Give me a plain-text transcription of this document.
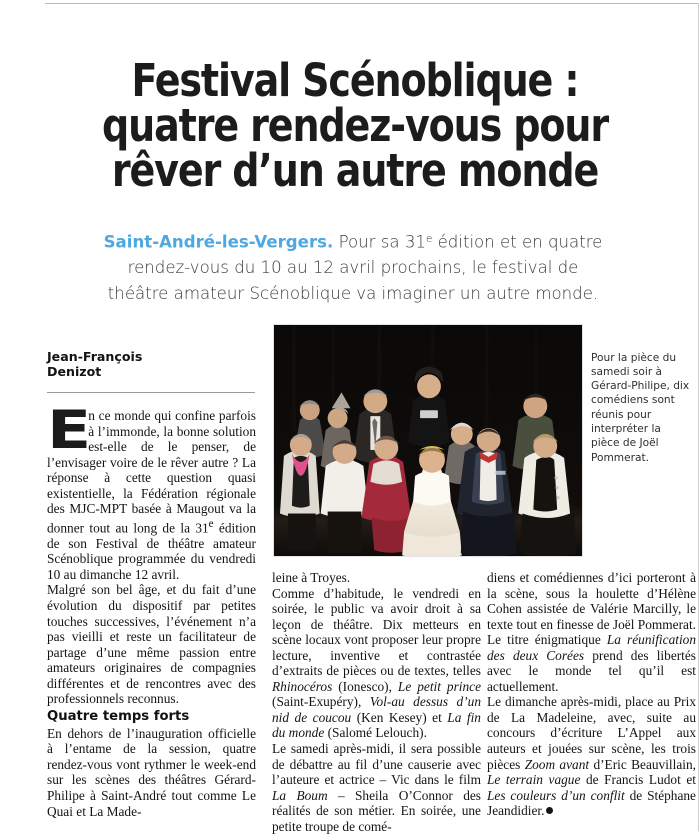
Festival Scénoblique :
quatre rendez-vous pour
rêver d’un autre monde

Saint-André-les-Vergers. Pour sa 31e édition et en quatre rendez-vous du 10 au 12 avril prochains, le festival de théâtre amateur Scénoblique va imaginer un autre monde.

Jean-François
Denizot

Pour la pièce du samedi soir à Gérard-Philipe, dix comédiens sont réunis pour interpréter la pièce de Joël Pommerat.

En ce monde qui confine parfois à l’immonde, la bonne solution est-elle de le penser, de l’envisager voire de le rêver autre ? La réponse à cette question quasi existentielle, la Fédération régionale des MJC-MPT basée à Maugout va la donner tout au long de la 31e édition de son Festival de théâtre amateur Scénoblique programmée du vendredi 10 au dimanche 12 avril.

Malgré son bel âge, et du fait d’une évolution du dispositif par petites touches successives, l’événement n’a pas vieilli et reste un facilitateur de partage d’une même passion entre amateurs originaires de compagnies différentes et de rencontres avec des professionnels reconnus.

Quatre temps forts

En dehors de l’inauguration officielle à l’entame de la session, quatre rendez-vous vont rythmer le week-end sur les scènes des théâtres Gérard-Philipe à Saint-André tout comme Le Quai et La Made-

leine à Troyes.

Comme d’habitude, le vendredi en soirée, le public va avoir droit à sa leçon de théâtre. Dix metteurs en scène locaux vont proposer leur propre lecture, inventive et contrastée d’extraits de pièces ou de textes, telles Rhinocéros (Ionesco), Le petit prince (Saint-Exupéry), Vol-au dessus d’un nid de coucou (Ken Kesey) et La fin du monde (Salomé Lelouch).

Le samedi après-midi, il sera possible de débattre au fil d’une causerie avec l’auteure et actrice – Vic dans le film La Boum – Sheila O’Connor des réalités de son métier. En soirée, une petite troupe de comé-

diens et comédiennes d’ici porteront à la scène, sous la houlette d’Hélène Cohen assistée de Valérie Marcilly, le texte tout en finesse de Joël Pommerat. Le titre énigmatique La réunification des deux Corées prend des libertés avec le monde tel qu’il est actuellement.

Le dimanche après-midi, place au Prix de La Madeleine, avec, suite au concours d’écriture L’Appel aux auteurs et jouées sur scène, les trois pièces Zoom avant d’Eric Beauvillain, Le terrain vague de Francis Ludot et Les couleurs d’un conflit de Stéphane Jeandidier.
